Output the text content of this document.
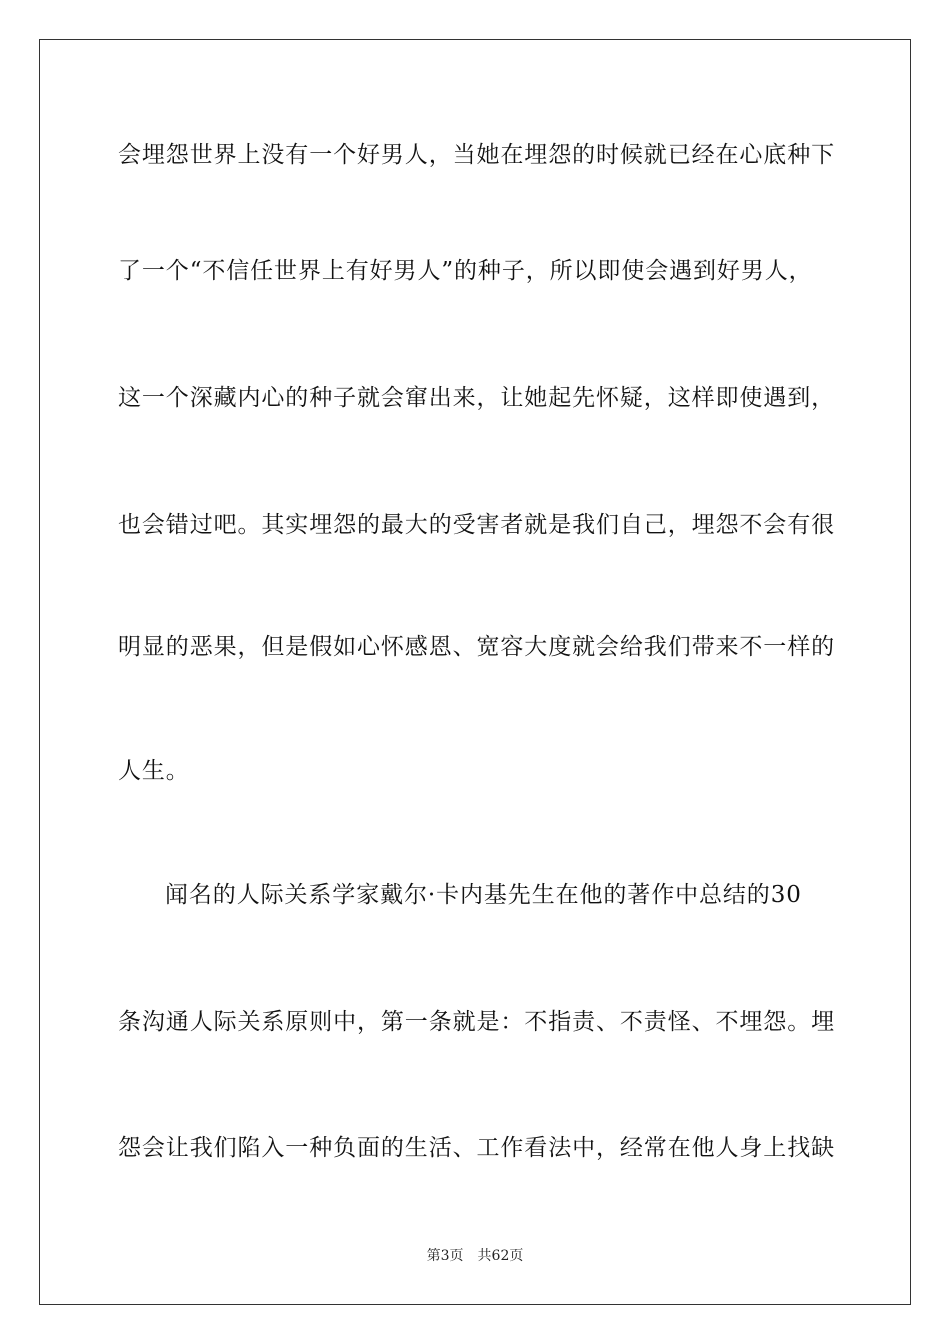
会埋怨世界上没有一个好男人，当她在埋怨的时候就已经在心底种下
了一个“不信任世界上有好男人”的种子，所以即使会遇到好男人，
这一个深藏内心的种子就会窜出来，让她起先怀疑，这样即使遇到，
也会错过吧。其实埋怨的最大的受害者就是我们自己，埋怨不会有很
明显的恶果，但是假如心怀感恩、宽容大度就会给我们带来不一样的
人生。
闻名的人际关系学家戴尔·卡内基先生在他的著作中总结的30
条沟通人际关系原则中，第一条就是：不指责、不责怪、不埋怨。埋
怨会让我们陷入一种负面的生活、工作看法中，经常在他人身上找缺
第3页 共62页
